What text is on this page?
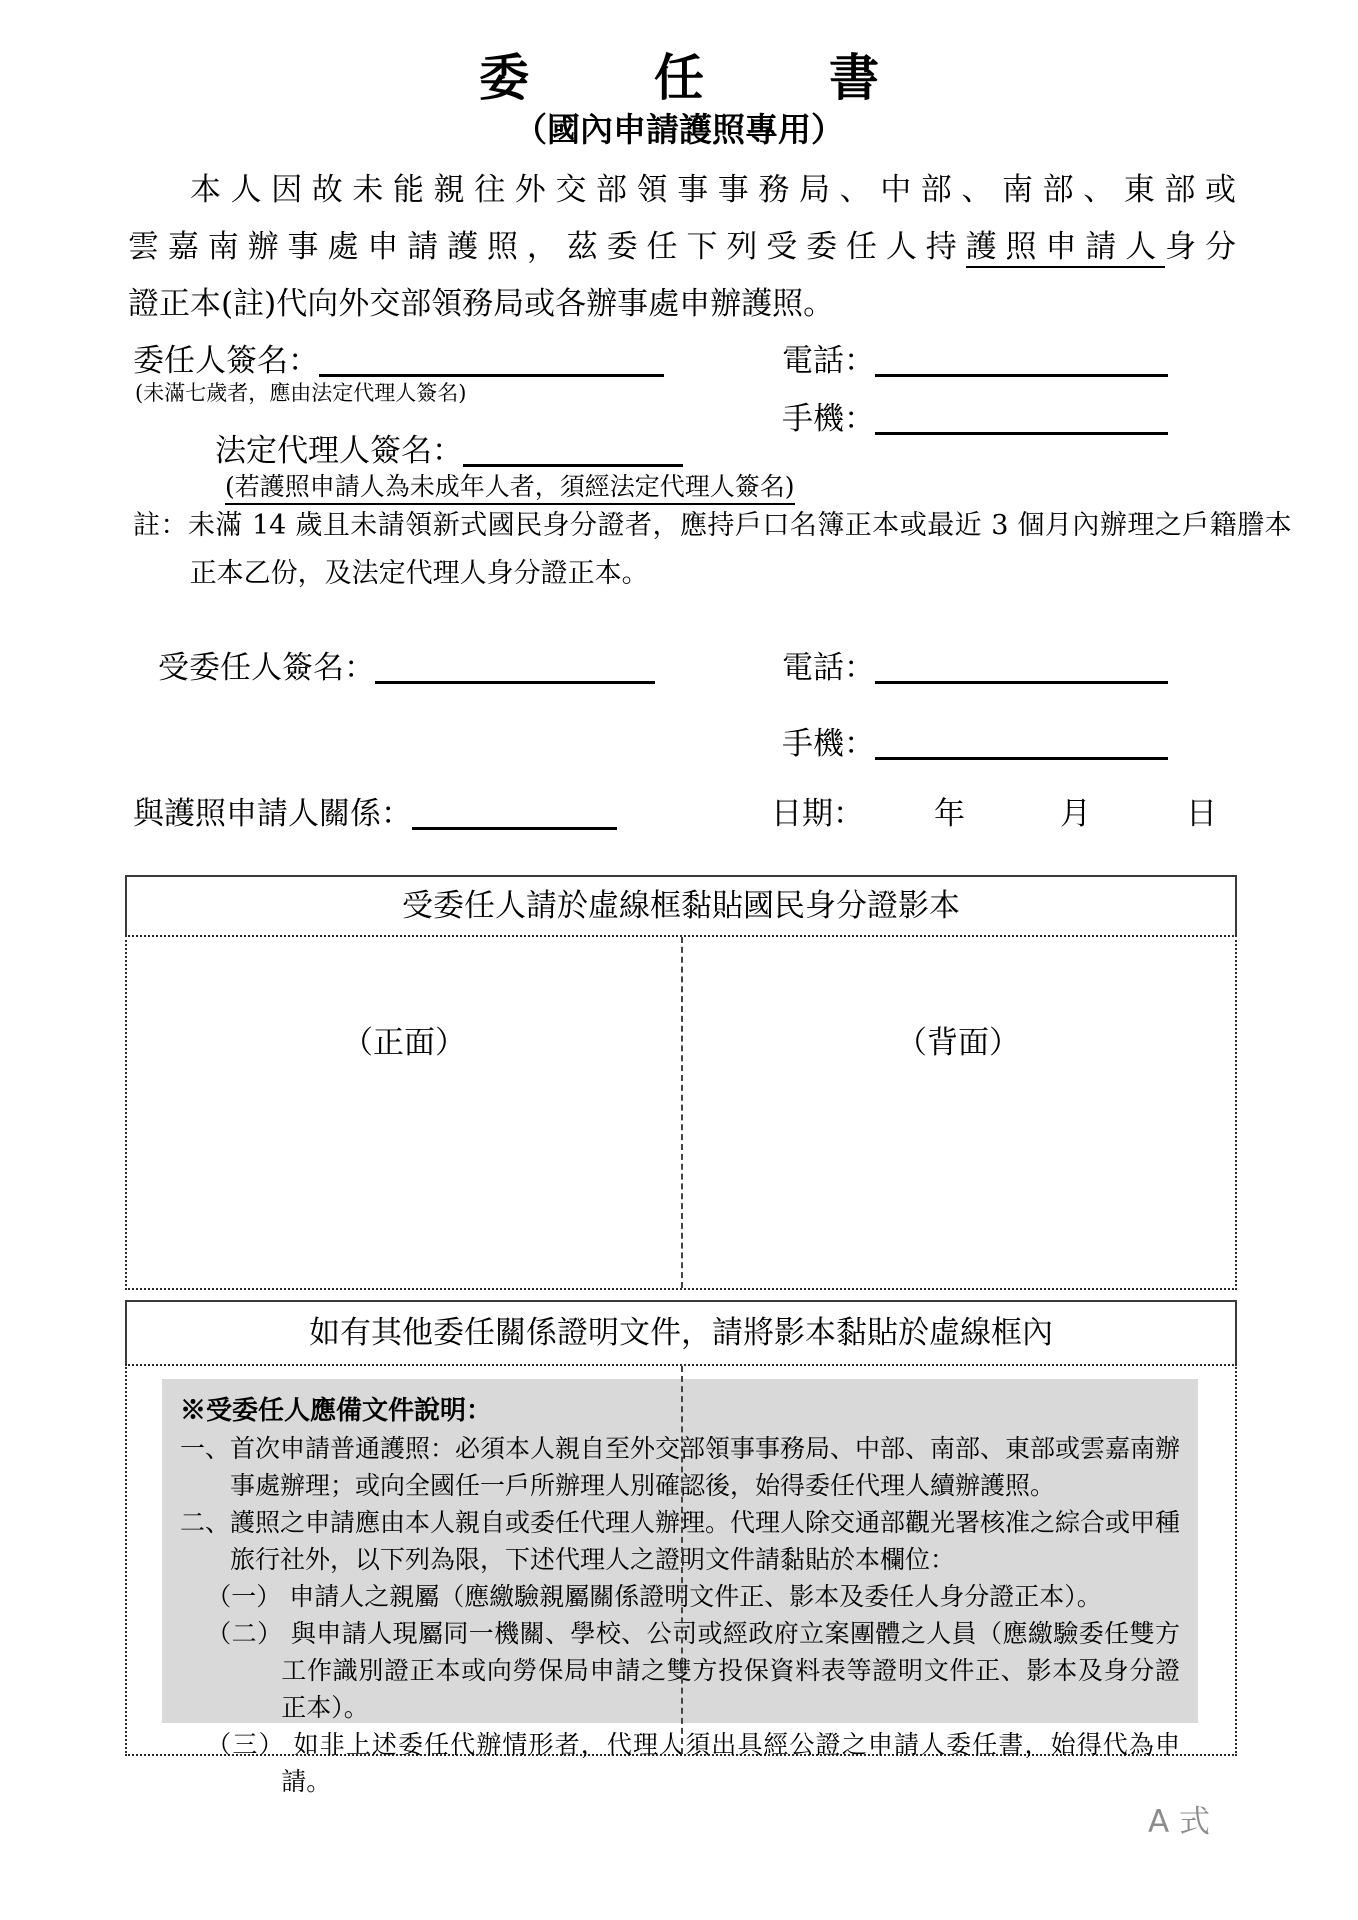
委　任　書
（國內申請護照專用）
本人因故未能親往外交部領事事務局、中部、南部、東部或
雲嘉南辦事處申請護照，茲委任下列受委任人持護照申請人身分
證正本(註)代向外交部領務局或各辦事處申辦護照。
委任人簽名：	電話：
(未滿七歲者，應由法定代理人簽名)
手機：
法定代理人簽名：
(若護照申請人為未成年人者，須經法定代理人簽名)
註：未滿 14 歲且未請領新式國民身分證者，應持戶口名簿正本或最近 3 個月內辦理之戶籍謄本正本乙份，及法定代理人身分證正本。
受委任人簽名：	電話：
手機：
與護照申請人關係：	日期： 年	月	日
受委任人請於虛線框黏貼國民身分證影本
（正面）	（背面）
如有其他委任關係證明文件，請將影本黏貼於虛線框內
※受委任人應備文件說明：
一、首次申請普通護照：必須本人親自至外交部領事事務局、中部、南部、東部或雲嘉南辦事處辦理；或向全國任一戶所辦理人別確認後，始得委任代理人續辦護照。
二、護照之申請應由本人親自或委任代理人辦理。代理人除交通部觀光署核准之綜合或甲種旅行社外，以下列為限，下述代理人之證明文件請黏貼於本欄位：
（一） 申請人之親屬（應繳驗親屬關係證明文件正、影本及委任人身分證正本）。
（二） 與申請人現屬同一機關、學校、公司或經政府立案團體之人員（應繳驗委任雙方工作識別證正本或向勞保局申請之雙方投保資料表等證明文件正、影本及身分證正本）。
（三） 如非上述委任代辦情形者，代理人須出具經公證之申請人委任書，始得代為申請。
A 式
